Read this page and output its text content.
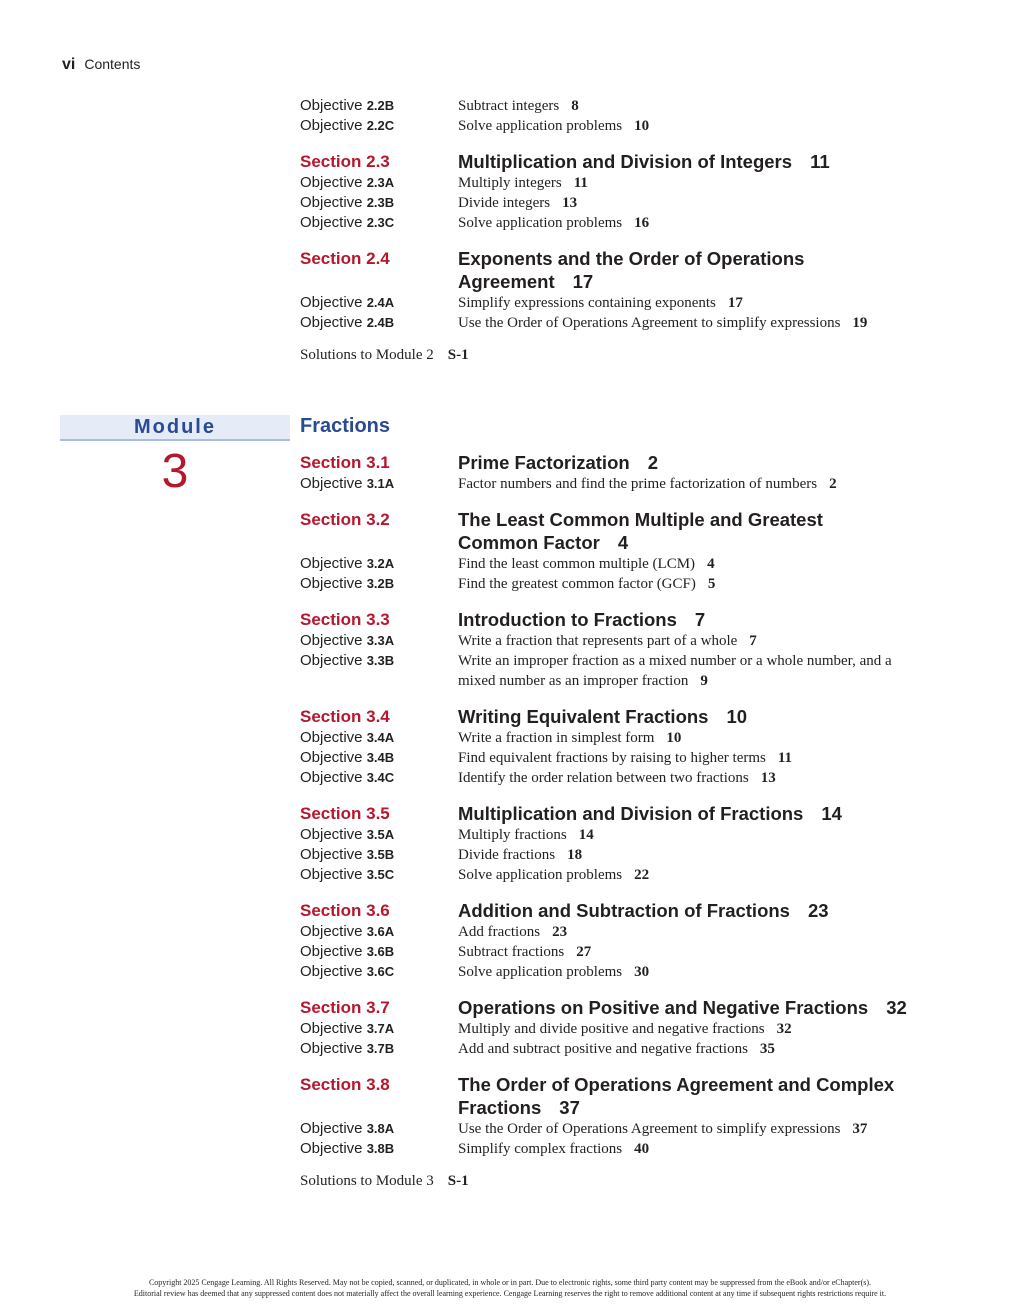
vi Contents
Objective 2.2B	Subtract integers 8
Objective 2.2C	Solve application problems 10
Section 2.3	Multiplication and Division of Integers 11
Objective 2.3A	Multiply integers 11
Objective 2.3B	Divide integers 13
Objective 2.3C	Solve application problems 16
Section 2.4	Exponents and the Order of Operations
Agreement 17
Objective 2.4A	Simplify expressions containing exponents 17
Objective 2.4B	Use the Order of Operations Agreement to simplify expressions 19
Solutions to Module 2 S-1
Module
3
Fractions
Section 3.1	Prime Factorization 2
Objective 3.1A	Factor numbers and find the prime factorization of numbers 2
Section 3.2	The Least Common Multiple and Greatest
Common Factor 4
Objective 3.2A	Find the least common multiple (LCM) 4
Objective 3.2B	Find the greatest common factor (GCF) 5
Section 3.3	Introduction to Fractions 7
Objective 3.3A	Write a fraction that represents part of a whole 7
Objective 3.3B	Write an improper fraction as a mixed number or a whole number, and a
mixed number as an improper fraction 9
Section 3.4	Writing Equivalent Fractions 10
Objective 3.4A	Write a fraction in simplest form 10
Objective 3.4B	Find equivalent fractions by raising to higher terms 11
Objective 3.4C	Identify the order relation between two fractions 13
Section 3.5	Multiplication and Division of Fractions 14
Objective 3.5A	Multiply fractions 14
Objective 3.5B	Divide fractions 18
Objective 3.5C	Solve application problems 22
Section 3.6	Addition and Subtraction of Fractions 23
Objective 3.6A	Add fractions 23
Objective 3.6B	Subtract fractions 27
Objective 3.6C	Solve application problems 30
Section 3.7	Operations on Positive and Negative Fractions 32
Objective 3.7A	Multiply and divide positive and negative fractions 32
Objective 3.7B	Add and subtract positive and negative fractions 35
Section 3.8	The Order of Operations Agreement and Complex
Fractions 37
Objective 3.8A	Use the Order of Operations Agreement to simplify expressions 37
Objective 3.8B	Simplify complex fractions 40
Solutions to Module 3 S-1
Copyright 2025 Cengage Learning. All Rights Reserved. May not be copied, scanned, or duplicated, in whole or in part. Due to electronic rights, some third party content may be suppressed from the eBook and/or eChapter(s).
Editorial review has deemed that any suppressed content does not materially affect the overall learning experience. Cengage Learning reserves the right to remove additional content at any time if subsequent rights restrictions require it.
